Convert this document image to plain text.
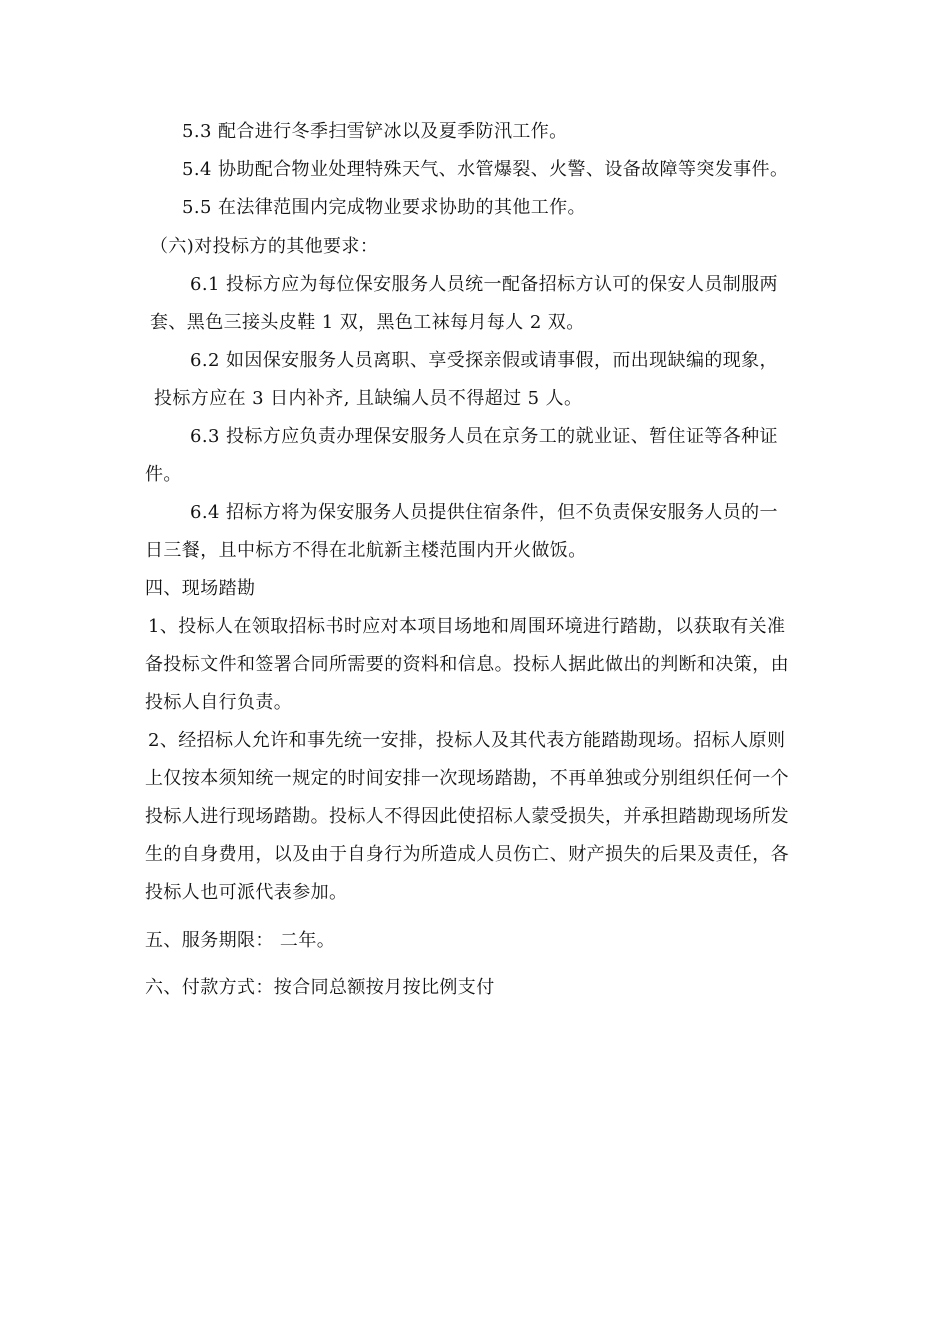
5.3 配合进行冬季扫雪铲冰以及夏季防汛工作。
5.4 协助配合物业处理特殊天气、水管爆裂、火警、设备故障等突发事件。
5.5 在法律范围内完成物业要求协助的其他工作。
（六)对投标方的其他要求：
6.1 投标方应为每位保安服务人员统一配备招标方认可的保安人员制服两
套、黑色三接头皮鞋 1 双，黑色工袜每月每人 2 双。
6.2 如因保安服务人员离职、享受探亲假或请事假，而出现缺编的现象，
投标方应在 3 日内补齐, 且缺编人员不得超过 5 人。
6.3 投标方应负责办理保安服务人员在京务工的就业证、暂住证等各种证
件。
6.4 招标方将为保安服务人员提供住宿条件，但不负责保安服务人员的一
日三餐，且中标方不得在北航新主楼范围内开火做饭。
四、现场踏勘
1、投标人在领取招标书时应对本项目场地和周围环境进行踏勘，以获取有关准
备投标文件和签署合同所需要的资料和信息。投标人据此做出的判断和决策，由
投标人自行负责。
2、经招标人允许和事先统一安排，投标人及其代表方能踏勘现场。招标人原则
上仅按本须知统一规定的时间安排一次现场踏勘，不再单独或分别组织任何一个
投标人进行现场踏勘。投标人不得因此使招标人蒙受损失，并承担踏勘现场所发
生的自身费用，以及由于自身行为所造成人员伤亡、财产损失的后果及责任，各
投标人也可派代表参加。
五、服务期限： 二年。
六、付款方式：按合同总额按月按比例支付
